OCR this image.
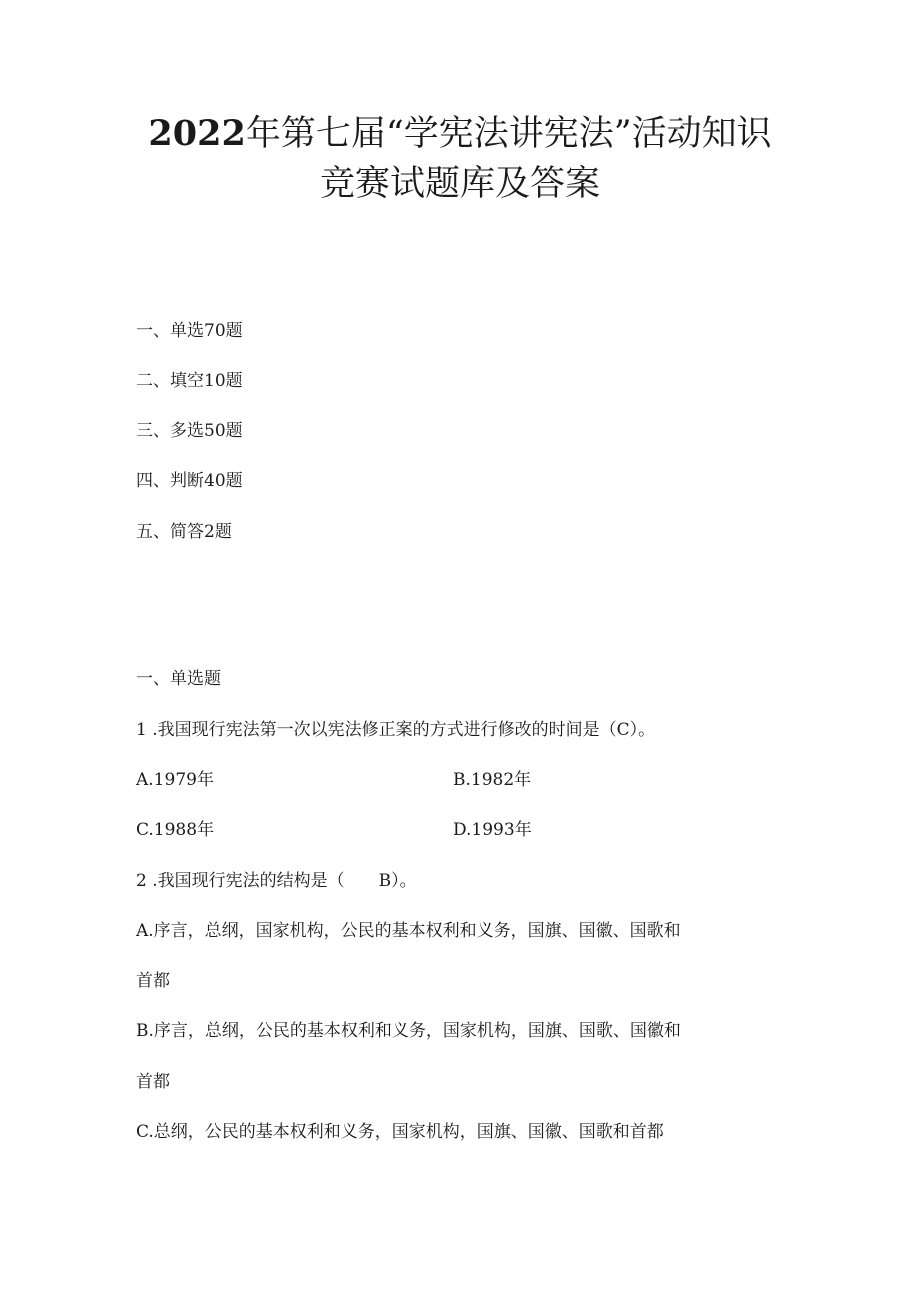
2022年第七届“学宪法讲宪法”活动知识
竞赛试题库及答案
一、单选70题
二、填空10题
三、多选50题
四、判断40题
五、简答2题
一、单选题
1 .我国现行宪法第一次以宪法修正案的方式进行修改的时间是（C）。
A.1979年	B.1982年
C.1988年	D.1993年
2 .我国现行宪法的结构是（　　B）。
A.序言，总纲，国家机构，公民的基本权利和义务，国旗、国徽、国歌和
首都
B.序言，总纲，公民的基本权利和义务，国家机构，国旗、国歌、国徽和
首都
C.总纲，公民的基本权利和义务，国家机构，国旗、国徽、国歌和首都
